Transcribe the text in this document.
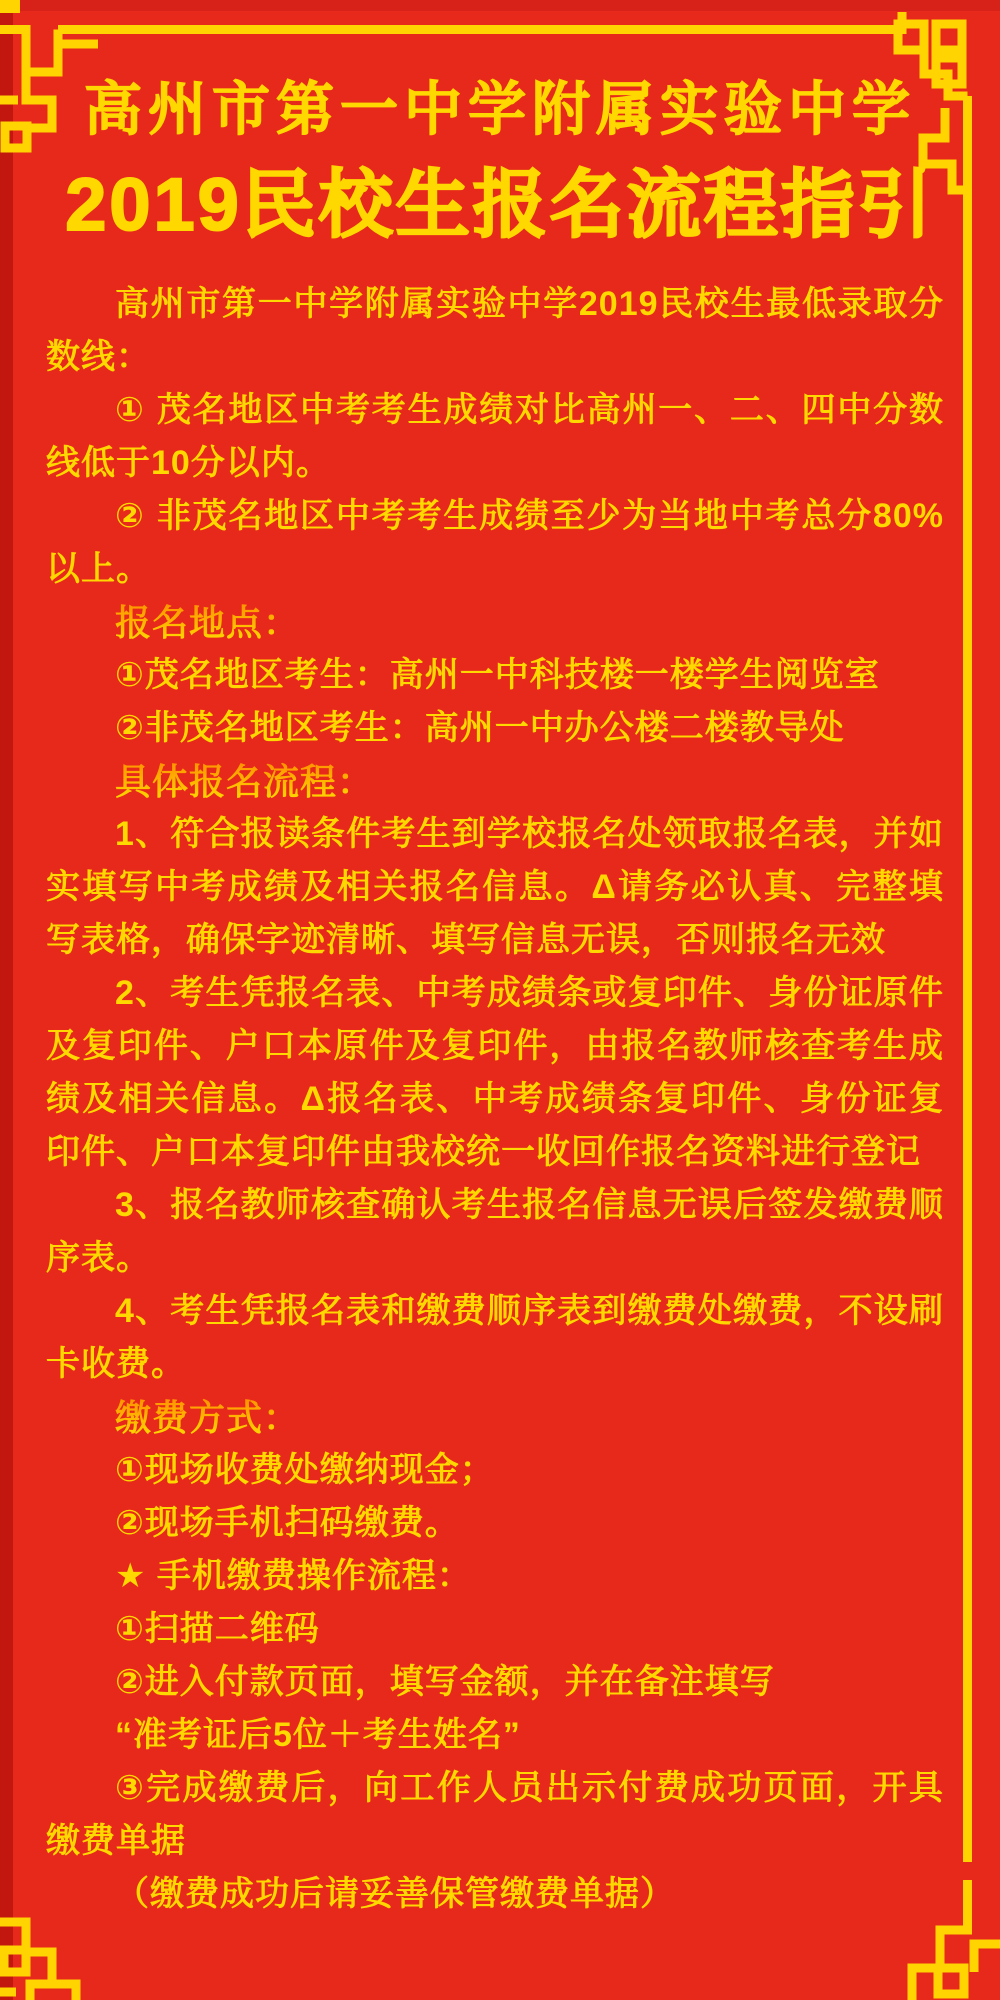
高州市第一中学附属实验中学
2019民校生报名流程指引

高州市第一中学附属实验中学2019民校生最低录取分数线：

① 茂名地区中考考生成绩对比高州一、二、四中分数线低于10分以内。

② 非茂名地区中考考生成绩至少为当地中考总分80%以上。

报名地点：

①茂名地区考生：高州一中科技楼一楼学生阅览室

②非茂名地区考生：高州一中办公楼二楼教导处

具体报名流程：

1、符合报读条件考生到学校报名处领取报名表，并如实填写中考成绩及相关报名信息。Δ请务必认真、完整填写表格，确保字迹清晰、填写信息无误，否则报名无效

2、考生凭报名表、中考成绩条或复印件、身份证原件及复印件、户口本原件及复印件，由报名教师核查考生成绩及相关信息。Δ报名表、中考成绩条复印件、身份证复印件、户口本复印件由我校统一收回作报名资料进行登记

3、报名教师核查确认考生报名信息无误后签发缴费顺序表。

4、考生凭报名表和缴费顺序表到缴费处缴费，不设刷卡收费。

缴费方式：

①现场收费处缴纳现金；

②现场手机扫码缴费。

★ 手机缴费操作流程：

①扫描二维码

②进入付款页面，填写金额，并在备注填写

“准考证后5位＋考生姓名”

③完成缴费后，向工作人员出示付费成功页面，开具缴费单据

（缴费成功后请妥善保管缴费单据）
